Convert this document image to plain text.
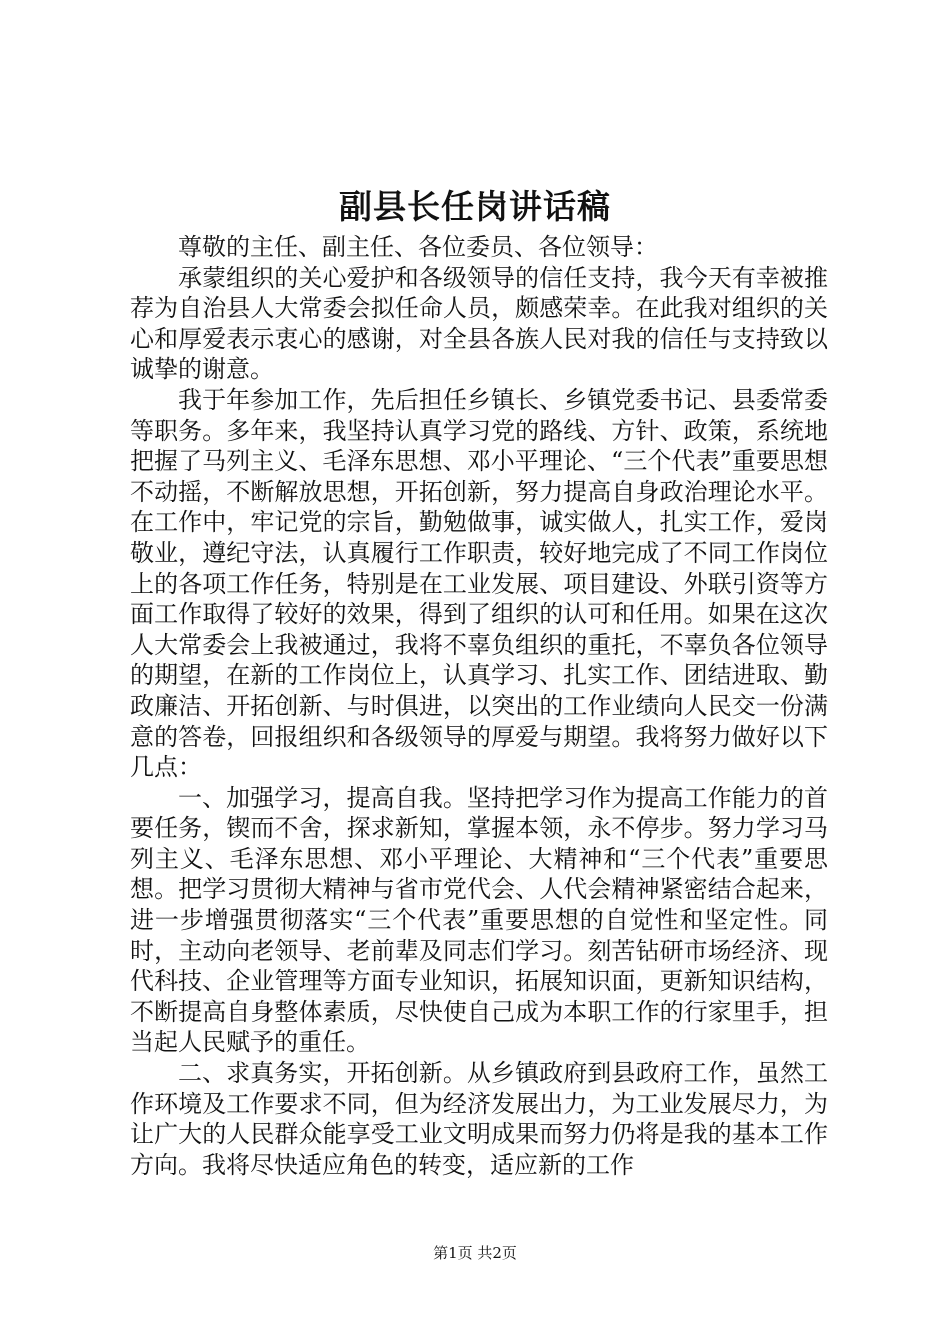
副县长任岗讲话稿

尊敬的主任、副主任、各位委员、各位领导：

承蒙组织的关心爱护和各级领导的信任支持，我今天有幸被推荐为自治县人大常委会拟任命人员，颇感荣幸。在此我对组织的关心和厚爱表示衷心的感谢，对全县各族人民对我的信任与支持致以诚挚的谢意。

我于年参加工作，先后担任乡镇长、乡镇党委书记、县委常委等职务。多年来，我坚持认真学习党的路线、方针、政策，系统地把握了马列主义、毛泽东思想、邓小平理论、“三个代表”重要思想不动摇，不断解放思想，开拓创新，努力提高自身政治理论水平。在工作中，牢记党的宗旨，勤勉做事，诚实做人，扎实工作，爱岗敬业，遵纪守法，认真履行工作职责，较好地完成了不同工作岗位上的各项工作任务，特别是在工业发展、项目建设、外联引资等方面工作取得了较好的效果，得到了组织的认可和任用。如果在这次人大常委会上我被通过，我将不辜负组织的重托，不辜负各位领导的期望，在新的工作岗位上，认真学习、扎实工作、团结进取、勤政廉洁、开拓创新、与时俱进，以突出的工作业绩向人民交一份满意的答卷，回报组织和各级领导的厚爱与期望。我将努力做好以下几点：

一、加强学习，提高自我。坚持把学习作为提高工作能力的首要任务，锲而不舍，探求新知，掌握本领，永不停步。努力学习马列主义、毛泽东思想、邓小平理论、大精神和“三个代表”重要思想。把学习贯彻大精神与省市党代会、人代会精神紧密结合起来，进一步增强贯彻落实“三个代表”重要思想的自觉性和坚定性。同时，主动向老领导、老前辈及同志们学习。刻苦钻研市场经济、现代科技、企业管理等方面专业知识，拓展知识面，更新知识结构，不断提高自身整体素质，尽快使自己成为本职工作的行家里手，担当起人民赋予的重任。

二、求真务实，开拓创新。从乡镇政府到县政府工作，虽然工作环境及工作要求不同，但为经济发展出力，为工业发展尽力，为让广大的人民群众能享受工业文明成果而努力仍将是我的基本工作方向。我将尽快适应角色的转变，适应新的工作

第1页 共2页
